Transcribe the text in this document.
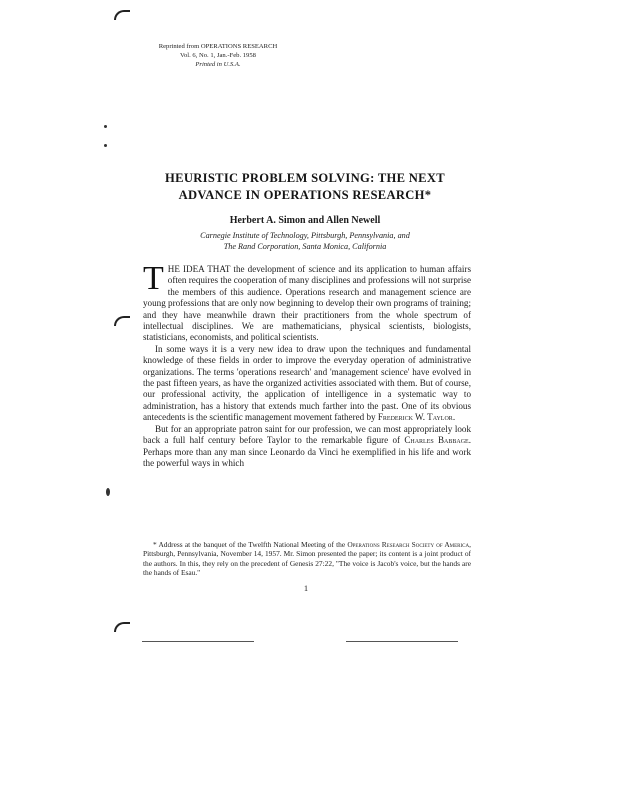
Reprinted from OPERATIONS RESEARCH
Vol. 6, No. 1, Jan.-Feb. 1958
Printed in U.S.A.
HEURISTIC PROBLEM SOLVING: THE NEXT
ADVANCE IN OPERATIONS RESEARCH*
Herbert A. Simon and Allen Newell
Carnegie Institute of Technology, Pittsburgh, Pennsylvania, and
The Rand Corporation, Santa Monica, California

THE IDEA THAT the development of science and its application to human affairs often requires the cooperation of many disciplines and professions will not surprise the members of this audience. Operations research and management science are young professions that are only now beginning to develop their own programs of training; and they have meanwhile drawn their practitioners from the whole spectrum of intellectual disciplines. We are mathematicians, physical scientists, biologists, statisticians, economists, and political scientists.

In some ways it is a very new idea to draw upon the techniques and fundamental knowledge of these fields in order to improve the everyday operation of administrative organizations. The terms 'operations research' and 'management science' have evolved in the past fifteen years, as have the organized activities associated with them. But of course, our professional activity, the application of intelligence in a systematic way to administration, has a history that extends much farther into the past. One of its obvious antecedents is the scientific management movement fathered by Frederick W. Taylor.

But for an appropriate patron saint for our profession, we can most appropriately look back a full half century before Taylor to the remarkable figure of Charles Babbage. Perhaps more than any man since Leonardo da Vinci he exemplified in his life and work the powerful ways in which

* Address at the banquet of the Twelfth National Meeting of the Operations Research Society of America, Pittsburgh, Pennsylvania, November 14, 1957. Mr. Simon presented the paper; its content is a joint product of the authors. In this, they rely on the precedent of Genesis 27:22, "The voice is Jacob's voice, but the hands are the hands of Esau."

1
